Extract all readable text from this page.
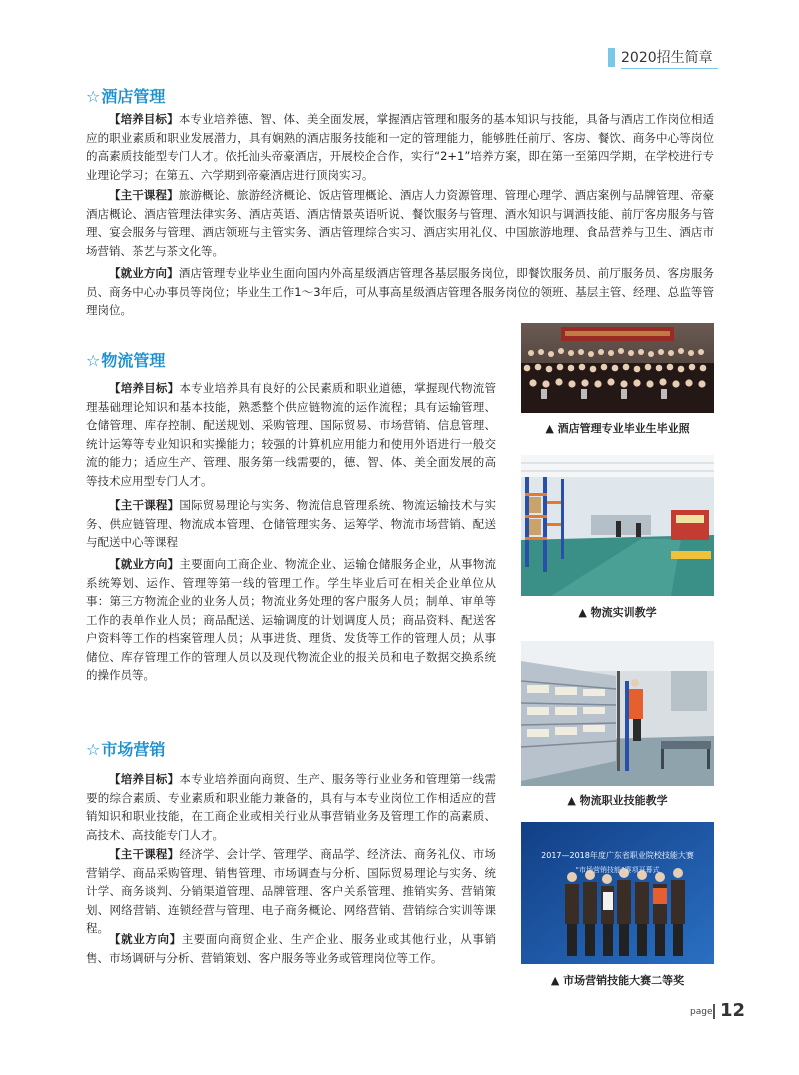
2020招生简章
☆酒店管理

【培养目标】本专业培养德、智、体、美全面发展，掌握酒店管理和服务的基本知识与技能，具备与酒店工作岗位相适应的职业素质和职业发展潜力，具有娴熟的酒店服务技能和一定的管理能力，能够胜任前厅、客房、餐饮、商务中心等岗位的高素质技能型专门人才。依托汕头帝豪酒店，开展校企合作，实行“2+1”培养方案，即在第一至第四学期，在学校进行专业理论学习；在第五、六学期到帝豪酒店进行顶岗实习。

【主干课程】旅游概论、旅游经济概论、饭店管理概论、酒店人力资源管理、管理心理学、酒店案例与品牌管理、帝豪酒店概论、酒店管理法律实务、酒店英语、酒店情景英语听说、餐饮服务与管理、酒水知识与调酒技能、前厅客房服务与管理、宴会服务与管理、酒店领班与主管实务、酒店管理综合实习、酒店实用礼仪、中国旅游地理、食品营养与卫生、酒店市场营销、茶艺与茶文化等。

【就业方向】酒店管理专业毕业生面向国内外高星级酒店管理各基层服务岗位，即餐饮服务员、前厅服务员、客房服务员、商务中心办事员等岗位；毕业生工作1～3年后，可从事高星级酒店管理各服务岗位的领班、基层主管、经理、总监等管理岗位。

☆物流管理

【培养目标】本专业培养具有良好的公民素质和职业道德，掌握现代物流管理基础理论知识和基本技能，熟悉整个供应链物流的运作流程；具有运输管理、仓储管理、库存控制、配送规划、采购管理、国际贸易、市场营销、信息管理、统计运筹等专业知识和实操能力；较强的计算机应用能力和使用外语进行一般交流的能力；适应生产、管理、服务第一线需要的，德、智、体、美全面发展的高等技术应用型专门人才。

【主干课程】国际贸易理论与实务、物流信息管理系统、物流运输技术与实务、供应链管理、物流成本管理、仓储管理实务、运筹学、物流市场营销、配送与配送中心等课程

【就业方向】主要面向工商企业、物流企业、运输仓储服务企业，从事物流系统筹划、运作、管理等第一线的管理工作。学生毕业后可在相关企业单位从事：第三方物流企业的业务人员；物流业务处理的客户服务人员；制单、审单等工作的表单作业人员；商品配送、运输调度的计划调度人员；商品资料、配送客户资料等工作的档案管理人员；从事进货、理货、发货等工作的管理人员；从事储位、库存管理工作的管理人员以及现代物流企业的报关员和电子数据交换系统的操作员等。

☆市场营销

【培养目标】本专业培养面向商贸、生产、服务等行业业务和管理第一线需要的综合素质、专业素质和职业能力兼备的，具有与本专业岗位工作相适应的营销知识和职业技能，在工商企业或相关行业从事营销业务及管理工作的高素质、高技术、高技能专门人才。

【主干课程】经济学、会计学、管理学、商品学、经济法、商务礼仪、市场营销学、商品采购管理、销售管理、市场调查与分析、国际贸易理论与实务、统计学、商务谈判、分销渠道管理、品牌管理、客户关系管理、推销实务、营销策划、网络营销、连锁经营与管理、电子商务概论、网络营销、营销综合实训等课程。

【就业方向】主要面向商贸企业、生产企业、服务业或其他行业，从事销售、市场调研与分析、营销策划、客户服务等业务或管理岗位等工作。

▲ 酒店管理专业毕业生毕业照
▲ 物流实训教学
▲ 物流职业技能教学
2017—2018年度广东省职业院校技能大赛
“市场营销技能”赛项开幕式
▲ 市场营销技能大赛二等奖
page 12
